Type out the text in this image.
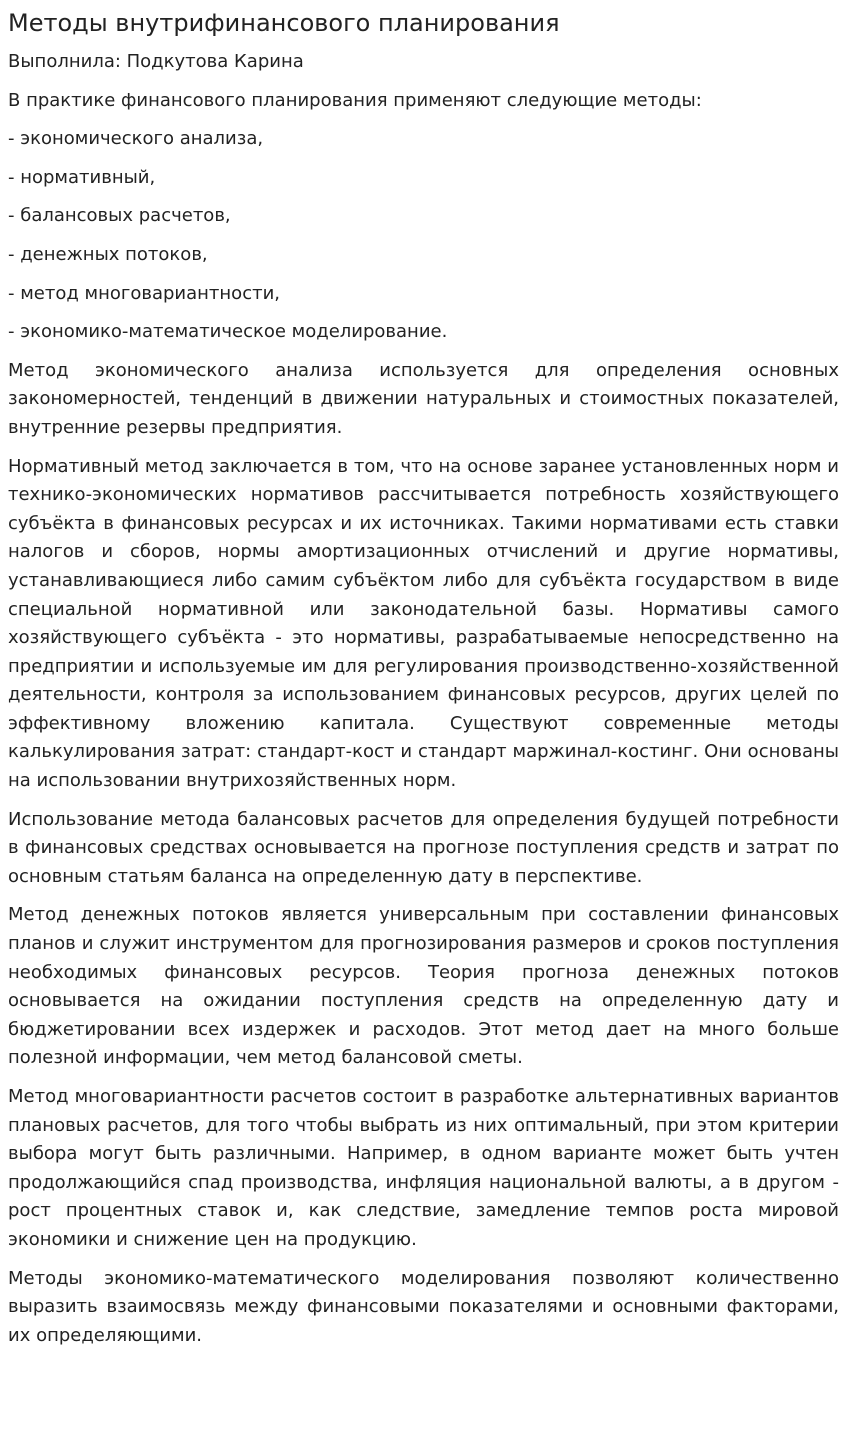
Методы внутрифинансового планирования

Выполнила: Подкутова Карина

В практике финансового планирования применяют следующие методы:

- экономического анализа,

- нормативный,

- балансовых расчетов,

- денежных потоков,

- метод многовариантности,

- экономико-математическое моделирование.

Метод экономического анализа используется для определения основных закономерностей, тенденций в движении натуральных и стоимостных показателей, внутренние резервы предприятия.

Нормативный метод заключается в том, что на основе заранее установленных норм и технико-экономических нормативов рассчитывается потребность хозяйствующего субъёкта в финансовых ресурсах и их источниках. Такими нормативами есть ставки налогов и сборов, нормы амортизационных отчислений и другие нормативы, устанавливающиеся либо самим субъёктом либо для субъёкта государством в виде специальной нормативной или законодательной базы. Нормативы самого хозяйствующего субъёкта - это нормативы, разрабатываемые непосредственно на предприятии и используемые им для регулирования производственно-хозяйственной деятельности, контроля за использованием финансовых ресурсов, других целей по эффективному вложению капитала. Существуют современные методы калькулирования затрат: стандарт-кост и стандарт маржинал-костинг. Они основаны на использовании внутрихозяйственных норм.

Использование метода балансовых расчетов для определения будущей потребности в финансовых средствах основывается на прогнозе поступления средств и затрат по основным статьям баланса на определенную дату в перспективе.

Метод денежных потоков является универсальным при составлении финансовых планов и служит инструментом для прогнозирования размеров и сроков поступления необходимых финансовых ресурсов. Теория прогноза денежных потоков основывается на ожидании поступления средств на определенную дату и бюджетировании всех издержек и расходов. Этот метод дает на много больше полезной информации, чем метод балансовой сметы.

Метод многовариантности расчетов состоит в разработке альтернативных вариантов плановых расчетов, для того чтобы выбрать из них оптимальный, при этом критерии выбора могут быть различными. Например, в одном варианте может быть учтен продолжающийся спад производства, инфляция национальной валюты, а в другом - рост процентных ставок и, как следствие, замедление темпов роста мировой экономики и снижение цен на продукцию.

Методы экономико-математического моделирования позволяют количественно выразить взаимосвязь между финансовыми показателями и основными факторами, их определяющими.
